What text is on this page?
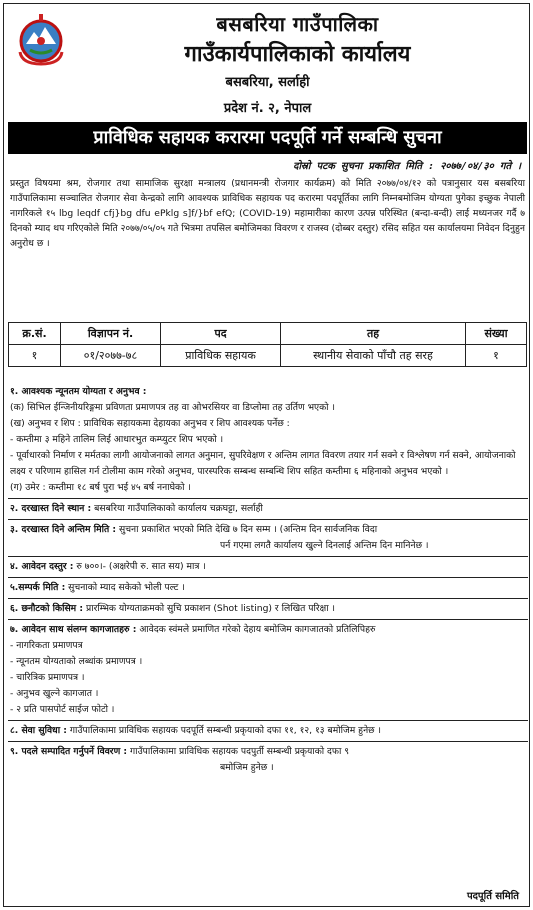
बसबरिया गाउँपालिका
गाउँकार्यपालिकाको कार्यालय
बसबरिया, सर्लाही
प्रदेश नं. २, नेपाल
प्राविधिक सहायक करारमा पदपूर्ति गर्ने सम्बन्धि सुचना
दोस्रो पटक सुचना प्रकाशित मिति : २०७७/०४/३० गते ।
प्रस्तुत विषयमा श्रम, रोजगार तथा सामाजिक सुरक्षा मन्त्रालय (प्रधानमन्त्री रोजगार कार्यक्रम) को मिति २०७७/०४/१२ को पत्रानुसार यस बसबरिया गाउँपालिकामा सञ्चालित रोजगार सेवा केन्द्रको लागि आवश्यक प्राविधिक सहायक पद करारमा पदपूर्तिका लागि निम्नबमोजिम योग्यता पुगेका इच्छुक नेपाली नागरिकले १५ lbg leqdf cfj}bg dfu ePklg s]f/}bf efQ; (COVID-19) महामारीका कारण उत्पन्न परिस्थित (बन्दा-बन्दी) लाई मध्यनजर गर्दै ७ दिनको म्याद थप गरिएकोले मिति २०७७/०५/०५ गते भित्रमा तपसिल बमोजिमका विवरण र राजस्व (दोब्बर दस्तुर) रसिद सहित यस कार्यालयमा निवेदन दिनुहुन अनुरोध छ ।
क्र.सं.	विज्ञापन नं.	पद	तह	संख्या
१	०१/२०७७-७८	प्राविधिक सहायक	स्थानीय सेवाको पाँचौ तह सरह	१
१. आवश्यक न्यूनतम योग्यता र अनुभव :
(क) सिभिल ईन्जिनीयरिङ्गमा प्रविणता प्रमाणपत्र तह वा ओभरसियर वा डिप्लोमा तह उर्तिण भएको ।
(ख) अनुभव र शिप : प्राविधिक सहायकमा देहायका अनुभव र शिप आवश्यक पर्नेछ :
- कम्तीमा ३ महिने तालिम लिई आधारभुत कम्प्युटर शिप भएको ।
- पूर्वाधारको निर्माण र मर्मतका लागी आयोजनाको लागत अनुमान, सुपरिवेक्षण र अन्तिम लागत विवरण तयार गर्न सक्ने र विश्लेषण गर्न सक्ने, आयोजनाको लक्ष्य र परिणाम हासिल गर्न टोलीमा काम गरेको अनुभव, पारस्परिक सम्बन्ध सम्बन्धि शिप सहित कम्तीमा ६ महिनाको अनुभव भएको ।
(ग) उमेर : कम्तीमा १८ बर्ष पुरा भई ४५ बर्ष ननाघेको ।
२. दरखास्त दिने स्थान : बसबरिया गाउँपालिकाको कार्यालय चक्रघट्टा, सर्लाही
३. दरखास्त दिने अन्तिम मिति : सुचना प्रकाशित भएको मिति देखि ७ दिन सम्म । (अन्तिम दिन सार्वजनिक विदा
पर्न गएमा लगतै कार्यालय खुल्ने दिनलाई अन्तिम दिन मानिनेछ ।
४. आवेदन दस्तुर : रु ७००।- (अक्षरेपी रु. सात सय) मात्र ।
५.सम्पर्क मिति : सुचनाको म्याद सकेको भोली पल्ट ।
६. छनौटको किसिम : प्रारम्भिक योग्यताक्रमको सुचि प्रकाशन (Shot listing) र लिखित परिक्षा ।
७. आवेदन साथ संलग्न कागजातहरु : आवेदक स्वंमले प्रमाणित गरेको देहाय बमोजिम कागजातको प्रतिलिपिहरु
- नागरिकता प्रमाणपत्र
- न्यूनतम योग्यताको लब्धांक प्रमाणपत्र ।
- चारित्रिक प्रमाणपत्र ।
- अनुभव खुल्ने कागजात ।
- २ प्रति पासपोर्ट साईज फोटो ।
८. सेवा सुविधा : गाउँपालिकामा प्राविधिक सहायक पदपूर्ति सम्बन्धी प्रकृयाको दफा ११, १२, १३ बमोजिम हुनेछ ।
९. पदले सम्पादित गर्नुपर्ने विवरण : गाउँपालिकामा प्राविधिक सहायक पदपुर्ती सम्बन्धी प्रकृयाको दफा ९
बमोजिम हुनेछ ।
पदपूर्ति समिति
